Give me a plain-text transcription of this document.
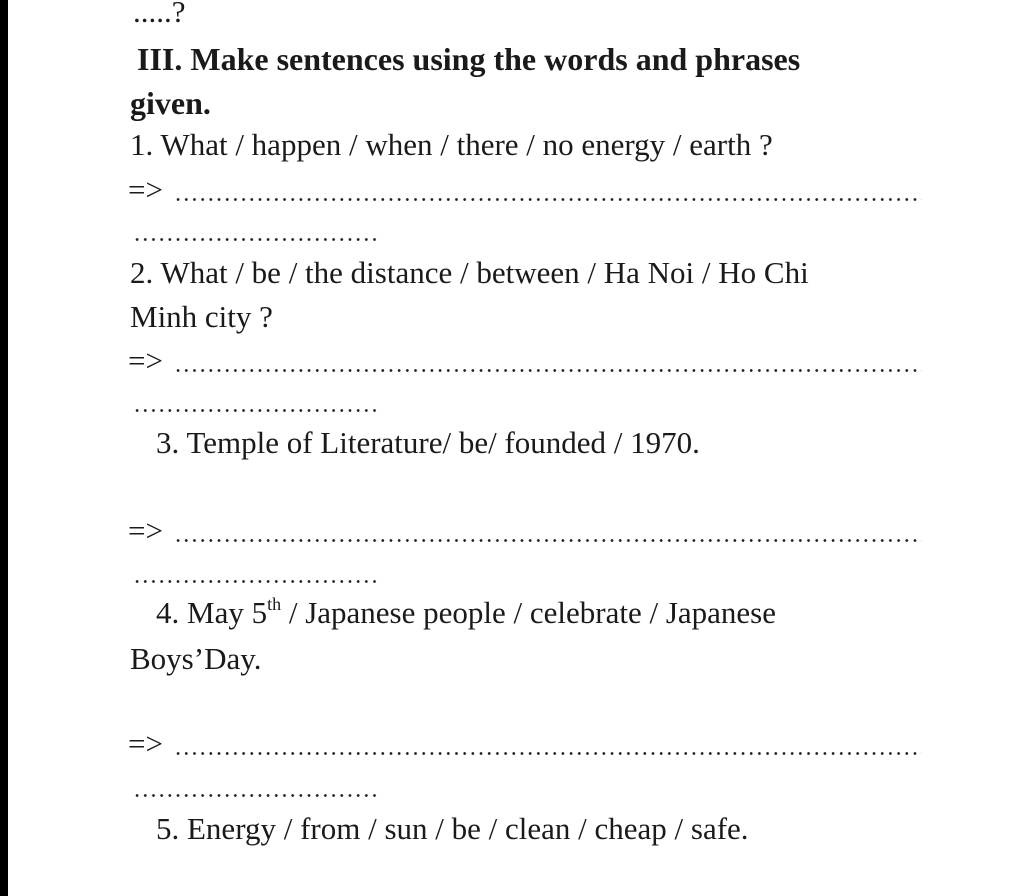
.....?
III. Make sentences using the words and phrases
given.
1. What / happen / when / there / no energy / earth ?
=>
2. What / be / the distance / between / Ha Noi / Ho Chi
Minh city ?
=>
3. Temple of Literature/ be/ founded / 1970.
=>
4. May 5th / Japanese people / celebrate / Japanese
Boys’Day.
=>
5. Energy / from / sun / be / clean / cheap / safe.
